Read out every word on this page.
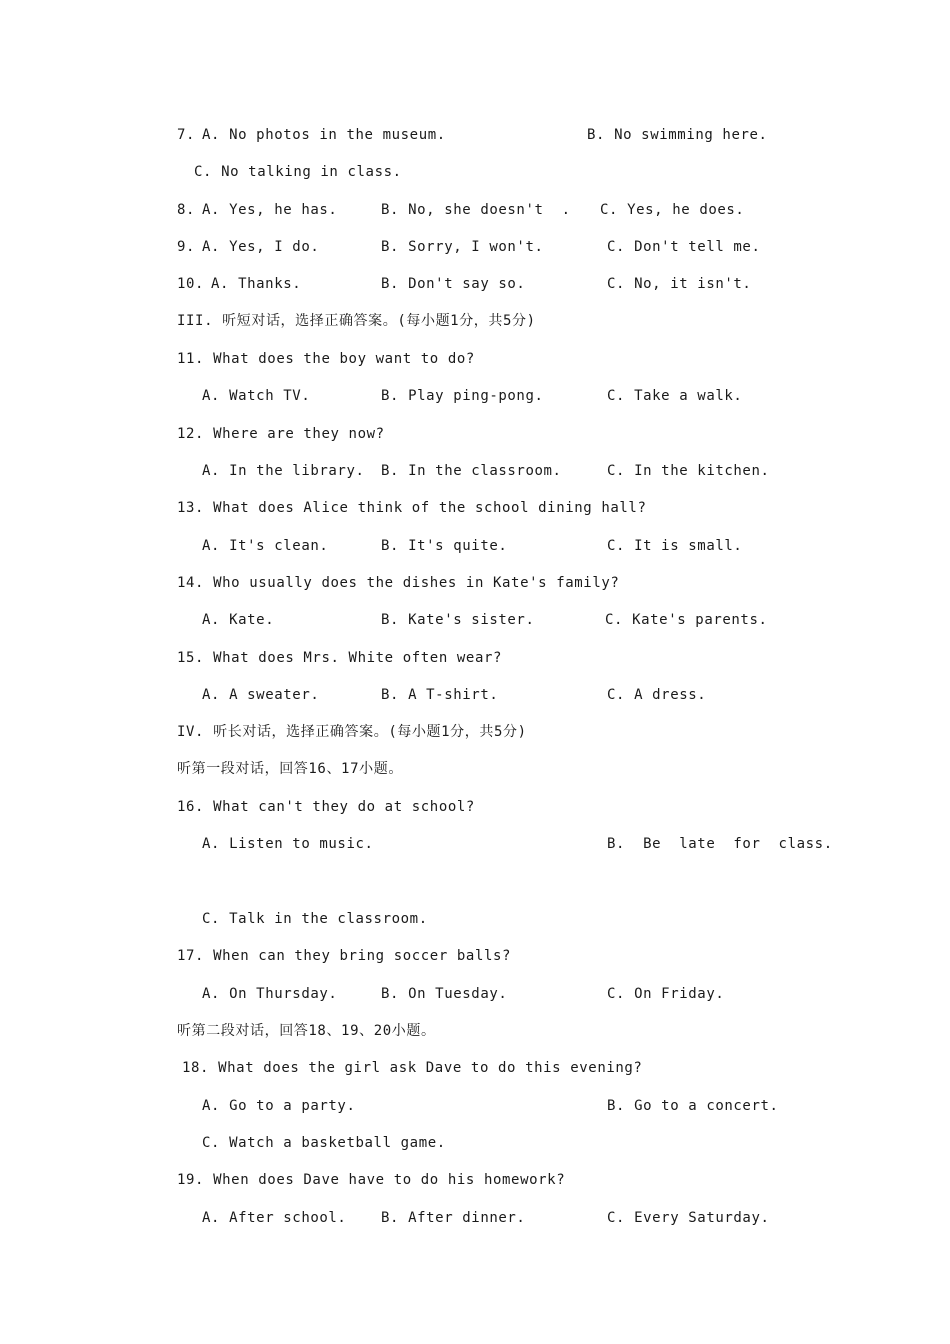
7. A. No photos in the museum.	B. No swimming here.
C. No talking in class.
8. A. Yes, he has.	B. No, she doesn't  . C. Yes, he does.
9. A. Yes, I do.	B. Sorry, I won't.	C. Don't tell me.
10. A. Thanks.	B. Don't say so.	C. No, it isn't.
III. 听短对话，选择正确答案。(每小题1分，共5分)
11. What does the boy want to do?
A. Watch TV.	B. Play ping-pong.	C. Take a walk.
12. Where are they now?
A. In the library. B. In the classroom.	C. In the kitchen.
13. What does Alice think of the school dining hall?
A. It's clean.	B. It's quite.	C. It is small.
14. Who usually does the dishes in Kate's family?
A. Kate.	B. Kate's sister.	C. Kate's parents.
15. What does Mrs. White often wear?
A. A sweater.	B. A T-shirt.	C. A dress.
IV. 听长对话，选择正确答案。(每小题1分，共5分)
听第一段对话，回答16、17小题。
16. What can't they do at school?
A. Listen to music.	B.  Be  late  for  class.
C. Talk in the classroom.
17. When can they bring soccer balls?
A. On Thursday.	B. On Tuesday.	C. On Friday.
听第二段对话，回答18、19、20小题。
18. What does the girl ask Dave to do this evening?
A. Go to a party.	B. Go to a concert.
C. Watch a basketball game.
19. When does Dave have to do his homework?
A. After school. B. After dinner.	C. Every Saturday.
